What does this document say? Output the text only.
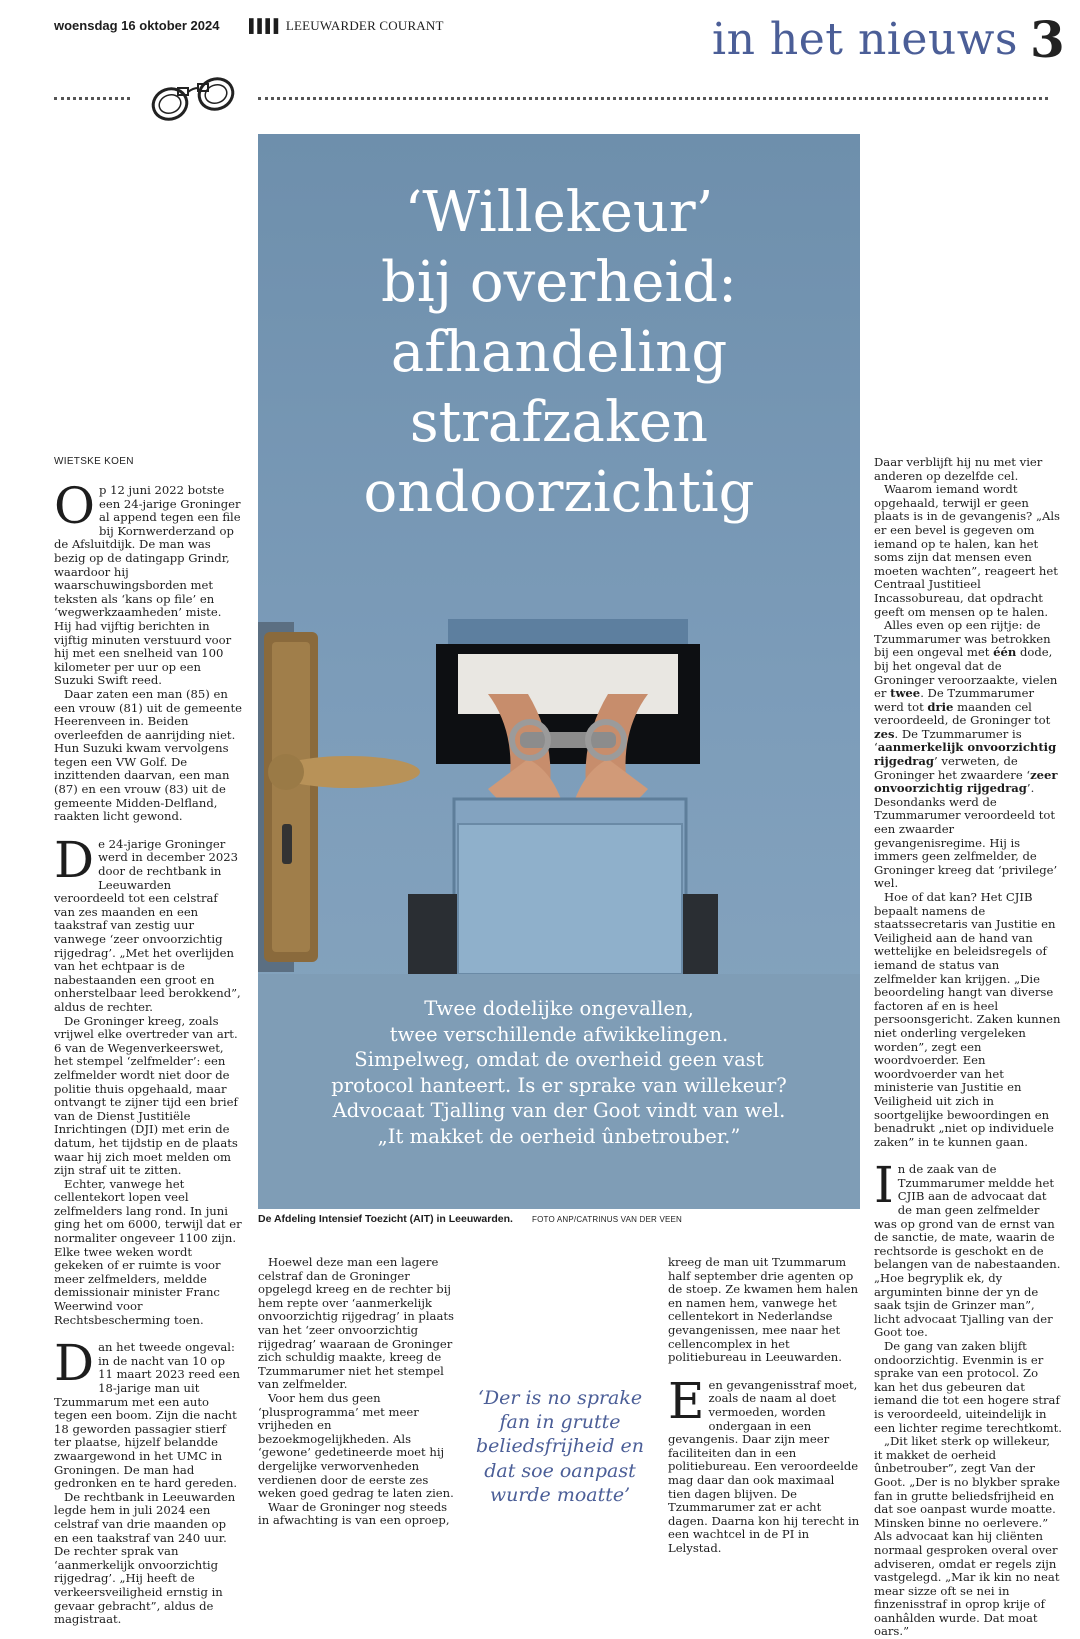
woensdag 16 oktober 2024 ▌▌▌▌ LEEUWARDER COURANT	in het nieuws 3
‘Willekeur’
bij overheid:
afhandeling
strafzaken
ondoorzichtig
Twee dodelijke ongevallen,
twee verschillende afwikkelingen.
Simpelweg, omdat de overheid geen vast
protocol hanteert. Is er sprake van willekeur?
Advocaat Tjalling van der Goot vindt van wel.
„It makket de oerheid ûnbetrouber.”
De Afdeling Intensief Toezicht (AIT) in Leeuwarden. FOTO ANP/CATRINUS VAN DER VEEN
WIETSKE KOEN

Op 12 juni 2022 botste een 24-jarige Groninger al append tegen een file bij Kornwerderzand op de Afsluitdijk. De man was bezig op de datingapp Grindr, waardoor hij waarschuwingsborden met teksten als ‘kans op file’ en ‘wegwerkzaamheden’ miste. Hij had vijftig berichten in vijftig minuten verstuurd voor hij met een snelheid van 100 kilometer per uur op een Suzuki Swift reed.

Daar zaten een man (85) en een vrouw (81) uit de gemeente Heerenveen in. Beiden overleefden de aanrijding niet. Hun Suzuki kwam vervolgens tegen een VW Golf. De inzittenden daarvan, een man (87) en een vrouw (83) uit de gemeente Midden-Delfland, raakten licht gewond.

De 24-jarige Groninger werd in december 2023 door de rechtbank in Leeuwarden veroordeeld tot een celstraf van zes maanden en een taakstraf van zestig uur vanwege ‘zeer onvoorzichtig rijgedrag’. „Met het overlijden van het echtpaar is de nabestaanden een groot en onherstelbaar leed berokkend”, aldus de rechter.

De Groninger kreeg, zoals vrijwel elke overtreder van art. 6 van de Wegenverkeerswet, het stempel ‘zelfmelder’: een zelfmelder wordt niet door de politie thuis opgehaald, maar ontvangt te zijner tijd een brief van de Dienst Justitiële Inrichtingen (DJI) met erin de datum, het tijdstip en de plaats waar hij zich moet melden om zijn straf uit te zitten.

Echter, vanwege het cellentekort lopen veel zelfmelders lang rond. In juni ging het om 6000, terwijl dat er normaliter ongeveer 1100 zijn. Elke twee weken wordt gekeken of er ruimte is voor meer zelfmelders, meldde demissionair minister Franc Weerwind voor Rechtsbescherming toen.

Dan het tweede ongeval: in de nacht van 10 op 11 maart 2023 reed een 18-jarige man uit Tzummarum met een auto tegen een boom. Zijn die nacht 18 geworden passagier stierf ter plaatse, hijzelf belandde zwaargewond in het UMC in Groningen. De man had gedronken en te hard gereden.

De rechtbank in Leeuwarden legde hem in juli 2024 een celstraf van drie maanden op en een taakstraf van 240 uur. De rechter sprak van ‘aanmerkelijk onvoorzichtig rijgedrag’. „Hij heeft de verkeersveiligheid ernstig in gevaar gebracht”, aldus de magistraat.

Hoewel deze man een lagere celstraf dan de Groninger opgelegd kreeg en de rechter bij hem repte over ‘aanmerkelijk onvoorzichtig rijgedrag’ in plaats van het ‘zeer onvoorzichtig rijgedrag’ waaraan de Groninger zich schuldig maakte, kreeg de Tzummarumer niet het stempel van zelfmelder.

Voor hem dus geen ‘plusprogramma’ met meer vrijheden en bezoekmogelijkheden. Als ‘gewone’ gedetineerde moet hij dergelijke verworvenheden verdienen door de eerste zes weken goed gedrag te laten zien.

Waar de Groninger nog steeds in afwachting is van een oproep,

‘Der is no sprake
fan in grutte
beliedsfrijheid en
dat soe oanpast
wurde moatte’

kreeg de man uit Tzummarum half september drie agenten op de stoep. Ze kwamen hem halen en namen hem, vanwege het cellentekort in Nederlandse gevangenissen, mee naar het cellencomplex in het politiebureau in Leeuwarden.

Een gevangenisstraf moet, zoals de naam al doet vermoeden, worden ondergaan in een gevangenis. Daar zijn meer faciliteiten dan in een politiebureau. Een veroordeelde mag daar dan ook maximaal tien dagen blijven. De Tzummarumer zat er acht dagen. Daarna kon hij terecht in een wachtcel in de PI in Lelystad.

Daar verblijft hij nu met vier anderen op dezelfde cel.

Waarom iemand wordt opgehaald, terwijl er geen plaats is in de gevangenis? „Als er een bevel is gegeven om iemand op te halen, kan het soms zijn dat mensen even moeten wachten”, reageert het Centraal Justitieel Incassobureau, dat opdracht geeft om mensen op te halen.

Alles even op een rijtje: de Tzummarumer was betrokken bij een ongeval met één dode, bij het ongeval dat de Groninger veroorzaakte, vielen er twee. De Tzummarumer werd tot drie maanden cel veroordeeld, de Groninger tot zes. De Tzummarumer is ‘aanmerkelijk onvoorzichtig rijgedrag’ verweten, de Groninger het zwaardere ‘zeer onvoorzichtig rijgedrag’. Desondanks werd de Tzummarumer veroordeeld tot een zwaarder gevangenisregime. Hij is immers geen zelfmelder, de Groninger kreeg dat ‘privilege’ wel.

Hoe of dat kan? Het CJIB bepaalt namens de staatssecretaris van Justitie en Veiligheid aan de hand van wettelijke en beleidsregels of iemand de status van zelfmelder kan krijgen. „Die beoordeling hangt van diverse factoren af en is heel persoonsgericht. Zaken kunnen niet onderling vergeleken worden”, zegt een woordvoerder. Een woordvoerder van het ministerie van Justitie en Veiligheid uit zich in soortgelijke bewoordingen en benadrukt „niet op individuele zaken” in te kunnen gaan.

In de zaak van de Tzummarumer meldde het CJIB aan de advocaat dat de man geen zelfmelder was op grond van de ernst van de sanctie, de mate, waarin de rechtsorde is geschokt en de belangen van de nabestaanden. „Hoe begryplik ek, dy arguminten binne der yn de saak tsjin de Grinzer man”, licht advocaat Tjalling van der Goot toe.

De gang van zaken blijft ondoorzichtig. Evenmin is er sprake van een protocol. Zo kan het dus gebeuren dat iemand die tot een hogere straf is veroordeeld, uiteindelijk in een lichter regime terechtkomt.

„Dit liket sterk op willekeur, it makket de oerheid ûnbetrouber”, zegt Van der Goot. „Der is no blykber sprake fan in grutte beliedsfrijheid en dat soe oanpast wurde moatte. Minsken binne no oerlevere.” Als advocaat kan hij cliënten normaal gesproken overal over adviseren, omdat er regels zijn vastgelegd. „Mar ik kin no neat mear sizze oft se nei in finzenisstraf in oprop krije of oanhâlden wurde. Dat moat oars.”
